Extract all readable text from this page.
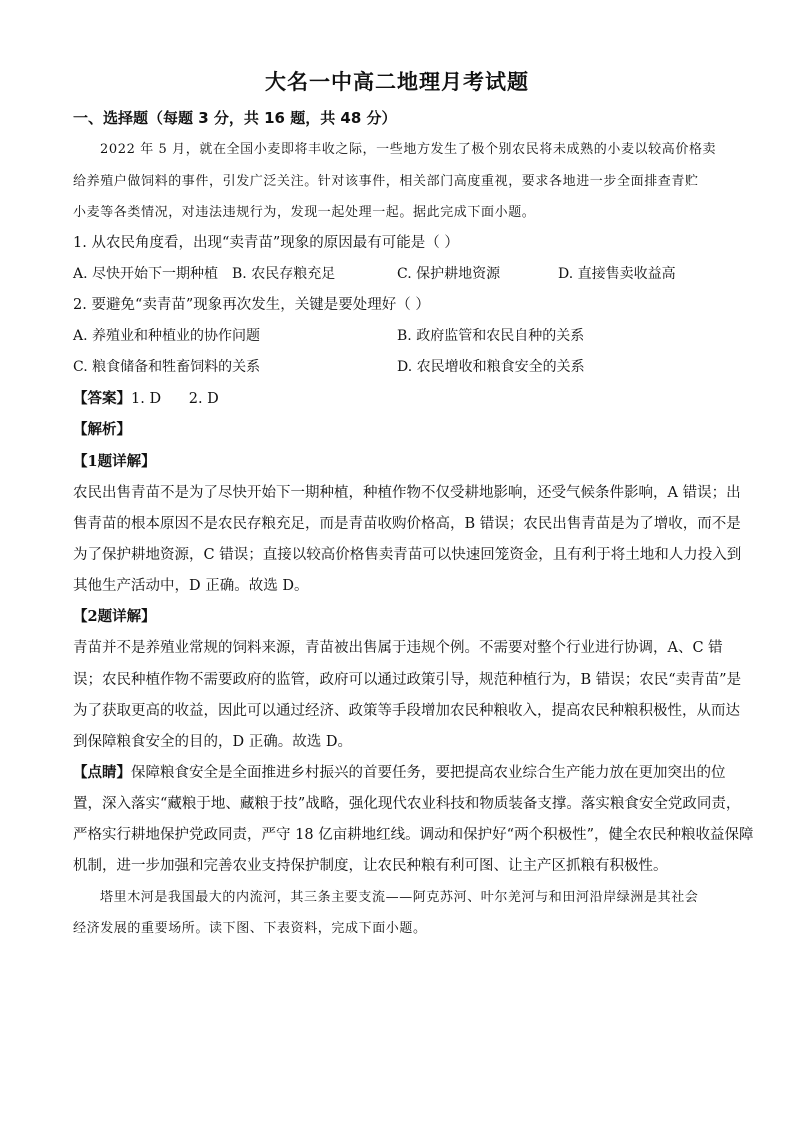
大名一中高二地理月考试题
一、选择题（每题 3 分，共 16 题，共 48 分）
2022 年 5 月，就在全国小麦即将丰收之际，一些地方发生了极个别农民将未成熟的小麦以较高价格卖
给养殖户做饲料的事件，引发广泛关注。针对该事件，相关部门高度重视，要求各地进一步全面排查青贮
小麦等各类情况，对违法违规行为，发现一起处理一起。据此完成下面小题。
1. 从农民角度看，出现“卖青苗”现象的原因最有可能是（ ）
A. 尽快开始下一期种植 B. 农民存粮充足	C. 保护耕地资源	D. 直接售卖收益高
2. 要避免“卖青苗”现象再次发生，关键是要处理好（ ）
A. 养殖业和种植业的协作问题	B. 政府监管和农民自种的关系
C. 粮食储备和牲畜饲料的关系	D. 农民增收和粮食安全的关系
【答案】1. D      2. D
【解析】
【1题详解】
农民出售青苗不是为了尽快开始下一期种植，种植作物不仅受耕地影响，还受气候条件影响，A 错误；出
售青苗的根本原因不是农民存粮充足，而是青苗收购价格高，B 错误；农民出售青苗是为了增收，而不是
为了保护耕地资源，C 错误；直接以较高价格售卖青苗可以快速回笼资金，且有利于将土地和人力投入到
其他生产活动中，D 正确。故选 D。
【2题详解】
青苗并不是养殖业常规的饲料来源，青苗被出售属于违规个例。不需要对整个行业进行协调，A、C 错
误；农民种植作物不需要政府的监管，政府可以通过政策引导，规范种植行为，B 错误；农民“卖青苗”是
为了获取更高的收益，因此可以通过经济、政策等手段增加农民种粮收入，提高农民种粮积极性，从而达
到保障粮食安全的目的，D 正确。故选 D。
【点睛】保障粮食安全是全面推进乡村振兴的首要任务，要把提高农业综合生产能力放在更加突出的位
置，深入落实“藏粮于地、藏粮于技”战略，强化现代农业科技和物质装备支撑。落实粮食安全党政同责，
严格实行耕地保护党政同责，严守 18 亿亩耕地红线。调动和保护好“两个积极性”，健全农民种粮收益保障
机制，进一步加强和完善农业支持保护制度，让农民种粮有利可图、让主产区抓粮有积极性。
塔里木河是我国最大的内流河，其三条主要支流——阿克苏河、叶尔羌河与和田河沿岸绿洲是其社会
经济发展的重要场所。读下图、下表资料，完成下面小题。
